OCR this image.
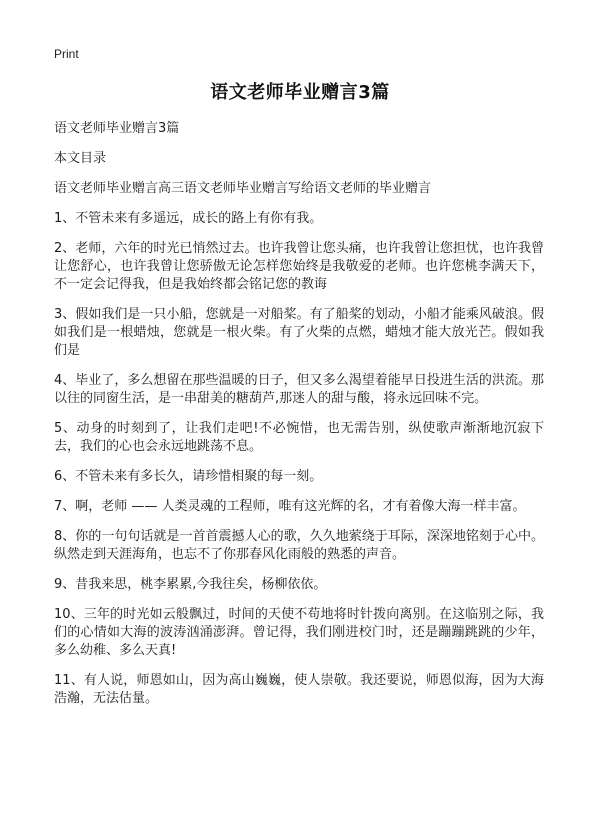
Print
语文老师毕业赠言3篇

语文老师毕业赠言3篇

本文目录

语文老师毕业赠言高三语文老师毕业赠言写给语文老师的毕业赠言

1、不管未来有多遥远，成长的路上有你有我。

2、老师，六年的时光已悄然过去。也许我曾让您头痛，也许我曾让您担忧，也许我曾让您舒心，也许我曾让您骄傲无论怎样您始终是我敬爱的老师。也许您桃李满天下，不一定会记得我，但是我始终都会铭记您的教诲

3、假如我们是一只小船，您就是一对船桨。有了船桨的划动，小船才能乘风破浪。假如我们是一根蜡烛，您就是一根火柴。有了火柴的点燃，蜡烛才能大放光芒。假如我们是

4、毕业了，多么想留在那些温暖的日子，但又多么渴望着能早日投进生活的洪流。那以往的同窗生活，是一串甜美的糖葫芦,那迷人的甜与酸，将永远回味不完。

5、动身的时刻到了，让我们走吧!不必惋惜，也无需告别，纵使歌声渐渐地沉寂下去，我们的心也会永远地跳荡不息。

6、不管未来有多长久，请珍惜相聚的每一刻。

7、啊，老师 —— 人类灵魂的工程师，唯有这光辉的名，才有着像大海一样丰富。

8、你的一句句话就是一首首震撼人心的歌，久久地萦绕于耳际，深深地铭刻于心中。纵然走到天涯海角，也忘不了你那春风化雨般的熟悉的声音。

9、昔我来思，桃李累累,今我往矣，杨柳依依。

10、三年的时光如云般飘过，时间的天使不苟地将时针拨向离别。在这临别之际，我们的心情如大海的波涛汹涌澎湃。曾记得，我们刚进校门时，还是蹦蹦跳跳的少年，多么幼稚、多么天真!

11、有人说，师恩如山，因为高山巍巍，使人崇敬。我还要说，师恩似海，因为大海浩瀚，无法估量。
